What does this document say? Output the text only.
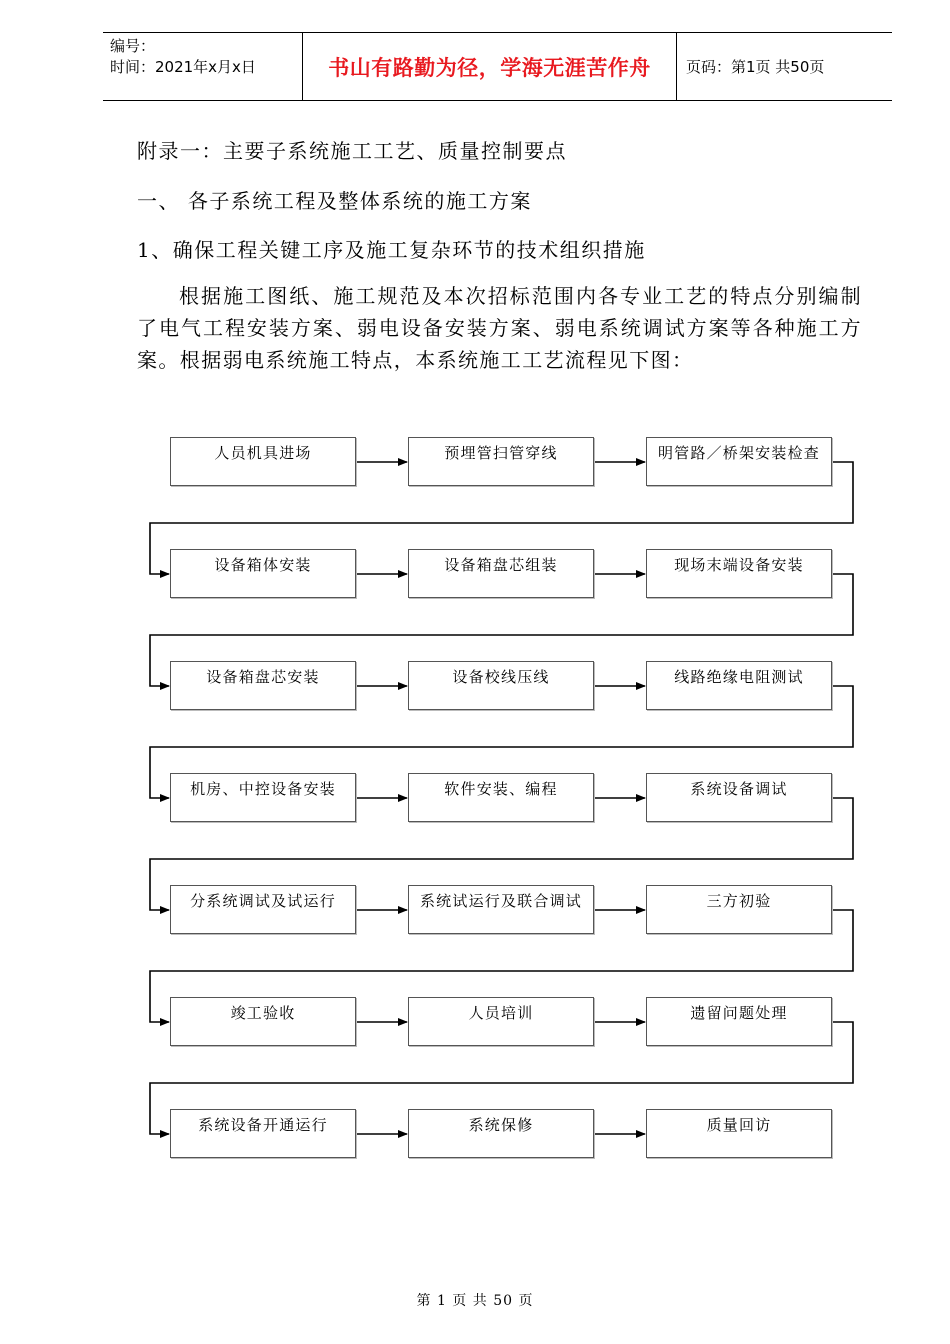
编号：
时间：2021年x月x日	书山有路勤为径，学海无涯苦作舟	页码：第1页 共50页
附录一：主要子系统施工工艺、质量控制要点
一、 各子系统工程及整体系统的施工方案
1、确保工程关键工序及施工复杂环节的技术组织措施
根据施工图纸、施工规范及本次招标范围内各专业工艺的特点分别编制了电气工程安装方案、弱电设备安装方案、弱电系统调试方案等各种施工方案。根据弱电系统施工特点，本系统施工工艺流程见下图：
人员机具进场	预埋管扫管穿线	明管路／桥架安装检查
设备箱体安装	设备箱盘芯组装	现场末端设备安装
设备箱盘芯安装	设备校线压线	线路绝缘电阻测试
机房、中控设备安装	软件安装、编程	系统设备调试
分系统调试及试运行	系统试运行及联合调试	三方初验
竣工验收	人员培训	遗留问题处理
系统设备开通运行	系统保修	质量回访
第 1 页 共 50 页
